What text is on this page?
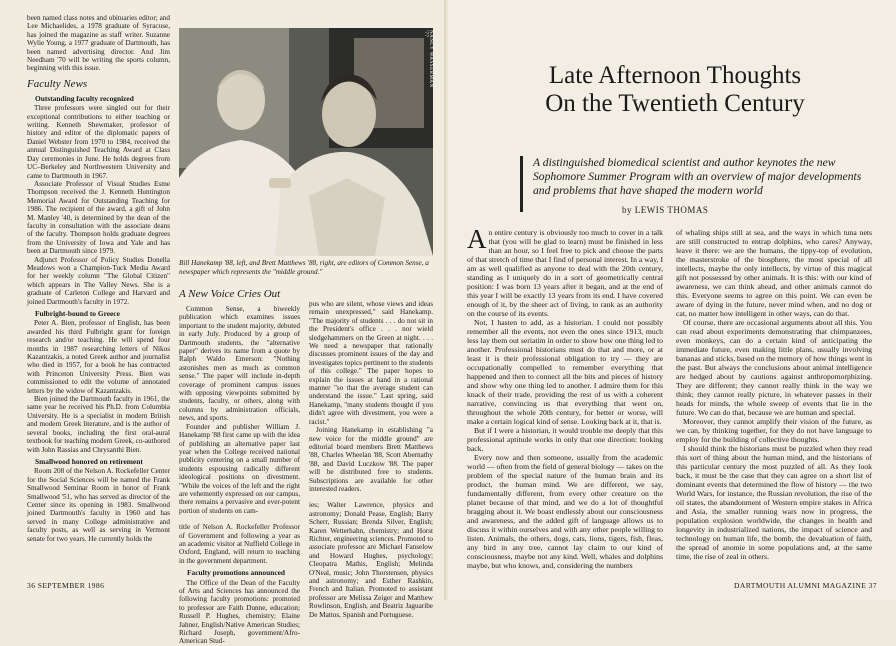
been named class notes and obituaries editor; and Lee Michaelides, a 1978 graduate of Syracuse, has joined the magazine as staff writer. Suzanne Wylie Young, a 1977 graduate of Dartmouth, has been named advertising director. And Jim Needham '70 will be writing the sports column, beginning with this issue.

Faculty News
Outstanding faculty recognized

Three professors were singled out for their exceptional contributions to either teaching or writing. Kenneth Shewmaker, professor of history and editor of the diplomatic papers of Daniel Webster from 1970 to 1984, received the annual Distinguished Teaching Award at Class Day ceremonies in June. He holds degrees from UC–Berkeley and Northwestern University and came to Dartmouth in 1967.

Associate Professor of Visual Studies Esme Thompson received the J. Kenneth Huntington Memorial Award for Outstanding Teaching for 1986. The recipient of the award, a gift of John M. Manley '40, is determined by the dean of the faculty in consultation with the associate deans of the faculty. Thompson holds graduate degrees from the University of Iowa and Yale and has been at Dartmouth since 1979.

Adjunct Professor of Policy Studies Donella Meadows won a Champion-Tuck Media Award for her weekly column "The Global Citizen" which appears in The Valley News. She is a graduate of Carleton College and Harvard and joined Dartmouth's faculty in 1972.

Fulbright-bound to Greece

Peter A. Bien, professor of English, has been awarded his third Fulbright grant for foreign research and/or teaching. He will spend four months in 1987 researching letters of Nikos Kazantzakis, a noted Greek author and journalist who died in 1957, for a book he has contracted with Princeton University Press. Bien was commissioned to edit the volume of annotated letters by the widow of Kazantzakis.

Bien joined the Dartmouth faculty in 1961, the same year he received his Ph.D. from Columbia University. He is a specialist in modern British and modern Greek literature, and is the author of several books, including the first oral-aural textbook for teaching modern Greek, co-authored with John Rassias and Chrysanthi Bien.

Smallwood honored on retirement

Room 208 of the Nelson A. Rockefeller Center for the Social Sciences will be named the Frank Smallwood Seminar Room in honor of Frank Smallwood '51, who has served as director of the Center since its opening in 1983. Smallwood joined Dartmouth's faculty in 1960 and has served in many College administrative and faculty posts, as well as serving in Vermont senate for two years. He currently holds the

NANCY WASSERMAN '77
Bill Hanekamp '88, left, and Brett Matthews '88, right, are editors of Common Sense, a newspaper which represents the "middle ground."
A New Voice Cries Out

Common Sense, a biweekly publication which examines issues important to the student majority, debuted in early July. Produced by a group of Dartmouth students, the "alternative paper" derives its name from a quote by Ralph Waldo Emerson: "Nothing astonishes men as much as common sense." The paper will include in-depth coverage of prominent campus issues with opposing viewpoints submitted by students, faculty, or others, along with columns by administration officials, news, and sports.

Founder and publisher William J. Hanekamp '88 first came up with the idea of publishing an alternative paper last year when the College received national publicity centering on a small number of students espousing radically different ideological positions on divestment. "While the voices of the left and the right are vehemently expressed on our campus, there remains a pervasive and ever-potent portion of students on cam-

title of Nelson A. Rockefeller Professor of Government and following a year as an academic visitor at Nuffield College in Oxford, England, will return to teaching in the government department.

Faculty promotions announced

The Office of the Dean of the Faculty of Arts and Sciences has announced the following faculty promotions: promoted to professor are Faith Dunne, education; Russell P. Hughes, chemistry; Elaine Jahner, English/Native American Studies; Richard Joseph, government/Afro-American Stud-

pus who are silent, whose views and ideas remain unexpressed," said Hanekamp. "The majority of students . . . do not sit in the President's office . . . nor wield sledgehammers on the Green at night. . . . We need a newspaper that rationally discusses prominent issues of the day and investigates topics pertinent to the students of this college." The paper hopes to explain the issues at hand in a rational manner "so that the average student can understand the issue." Last spring, said Hanekamp, "many students thought if you didn't agree with divestment, you were a racist."

Joining Hanekamp in establishing "a new voice for the middle ground" are editorial board members Brett Matthews '88, Charles Wheelan '88, Scott Abernathy '88, and David Luczkow '88. The paper will be distributed free to students. Subscriptions are available for other interested readers.

ies; Walter Lawrence, physics and astronomy; Donald Pease, English; Barry Scherr, Russian; Brenda Silver, English; Karen Wetterhahn, chemistry; and Horst Richter, engineering sciences. Promoted to associate professor are Michael Fanselow and Howard Hughes, psychology; Cleopatra Mathis, English; Melinda O'Neal, music; John Thorstensen, physics and astronomy; and Esther Rashkin, French and Italian. Promoted to assistant professor are Melissa Zeiger and Matthew Rowlinson, English, and Beatriz Jaguaribe De Mattos, Spanish and Portuguese.

36 SEPTEMBER 1986
Late Afternoon Thoughts
On the Twentieth Century
A distinguished biomedical scientist and author keynotes the new Sophomore Summer Program with an overview of major developments and problems that have shaped the modern world
by LEWIS THOMAS

An entire century is obviously too much to cover in a talk that (you will be glad to learn) must be finished in less than an hour, so I feel free to pick and choose the parts of that stretch of time that I find of personal interest. In a way, I am as well qualified as anyone to deal with the 20th century, standing as I uniquely do in a sort of geometrically central position: I was born 13 years after it began, and at the end of this year I will be exactly 13 years from its end. I have covered enough of it, by the sheer act of living, to rank as an authority on the course of its events.

Not, I hasten to add, as a historian. I could not possibly remember all the events, not even the ones since 1913, much less lay them out seriatim in order to show how one thing led to another. Professional historians must do that and more, or at least it is their professional obligation to try — they are occupationally compelled to remember everything that happened and then to connect all the bits and pieces of history and show why one thing led to another. I admire them for this knack of their trade, providing the rest of us with a coherent narrative, convincing us that everything that went on, throughout the whole 20th century, for better or worse, will make a certain logical kind of sense. Looking back at it, that is.

But if I were a historian, it would trouble me deeply that this professional aptitude works in only that one direction: looking back.

Every now and then someone, usually from the academic world — often from the field of general biology — takes on the problem of the special nature of the human brain and its product, the human mind. We are different, we say, fundamentally different, from every other creature on the planet because of that mind, and we do a lot of thoughtful bragging about it. We boast endlessly about our consciousness and awareness, and the added gift of language allows us to discuss it within ourselves and with any other people willing to listen. Animals, the others, dogs, cats, lions, tigers, fish, fleas, any bird in any tree, cannot lay claim to our kind of consciousness, maybe not any kind. Well, whales and dolphins maybe, but who knows, and, considering the numbers

of whaling ships still at sea, and the ways in which tuna nets are still constructed to entrap dolphins, who cares? Anyway, leave it there: we are the humans, the tippy-top of evolution, the masterstroke of the biosphere, the most special of all intellects, maybe the only intellects, by virtue of this magical gift not possessed by other animals. It is this: with our kind of awareness, we can think ahead, and other animals cannot do this. Everyone seems to agree on this point. We can even be aware of dying in the future, never mind when, and no dog or cat, no matter how intelligent in other ways, can do that.

Of course, there are occasional arguments about all this. You can read about experiments demonstrating that chimpanzees, even monkeys, can do a certain kind of anticipating the immediate future, even making little plans, usually involving bananas and sticks, based on the memory of how things went in the past. But always the conclusions about animal intelligence are hedged about by cautions against anthropomorphizing. They are different; they cannot really think in the way we think; they cannot really picture, in whatever passes in their heads for minds, the whole sweep of events that lie in the future. We can do that, because we are human and special.

Moreover, they cannot amplify their vision of the future, as we can, by thinking together, for they do not have language to employ for the building of collective thoughts.

I should think the historians must be puzzled when they read this sort of thing about the human mind, and the historians of this particular century the most puzzled of all. As they look back, it must be the case that they can agree on a short list of dominant events that determined the flow of history — the two World Wars, for instance, the Russian revolution, the rise of the oil states, the abandonment of Western empire stakes in Africa and Asia, the smaller running wars now in progress, the population explosion worldwide, the changes in health and longevity in industrialized nations, the impact of science and technology on human life, the bomb, the devaluation of faith, the spread of anomie in some populations and, at the same time, the rise of zeal in others.

DARTMOUTH ALUMNI MAGAZINE 37
